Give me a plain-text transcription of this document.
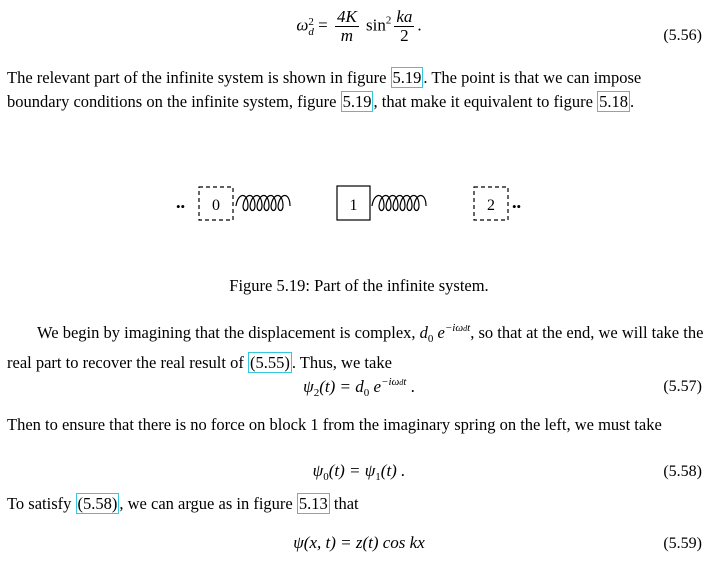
ω 2
$d = \frac{4K}{m} \sin^2 \frac{ka}{2}$ .
(5.56)
The relevant part of the infinite system is shown in figure 5.19 . The point is that we can impose boundary conditions on the infinite system, figure 5.19 , that make it equivalent to figure 5.18 .
•• 0	1	2 ••
Figure 5.19: Part of the infinite system.
We begin by imagining that the displacement is complex, $d_0$ $e^{-i\omega dt}$, so that at the end, we will take the real part to recover the real result of (5.55) . Thus, we take
$\psi_2(t) = d_0$ $e^{-i\omega dt}$ .	(5.57)
Then to ensure that there is no force on block 1 from the imaginary spring on the left, we must take
$\psi_0(t) = \psi_1(t)$ .	(5.58)
To satisfy (5.58) , we can argue as in figure 5.13 that
ψ(x, t) = z(t) cos kx	(5.59)
